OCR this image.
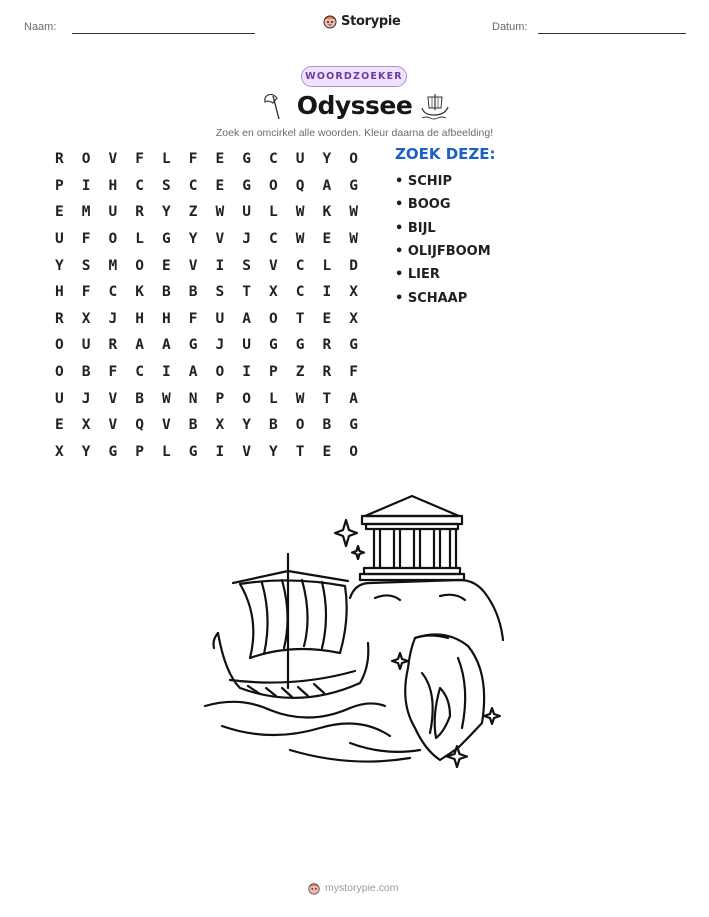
Naam:	Storypie	Datum:
WOORDZOEKER
Odyssee
Zoek en omcirkel alle woorden. Kleur daarna de afbeelding!
R	O	V	F	L	F	E	G	C	U	Y	O
P	I	H	C	S	C	E	G	O	Q	A	G
E	M	U	R	Y	Z	W	U	L	W	K	W
U	F	O	L	G	Y	V	J	C	W	E	W
Y	S	M	O	E	V	I	S	V	C	L	D
H	F	C	K	B	B	S	T	X	C	I	X
R	X	J	H	H	F	U	A	O	T	E	X
O	U	R	A	A	G	J	U	G	G	R	G
O	B	F	C	I	A	O	I	P	Z	R	F
U	J	V	B	W	N	P	O	L	W	T	A
E	X	V	Q	V	B	X	Y	B	O	B	G
X	Y	G	P	L	G	I	V	Y	T	E	O
ZOEK DEZE:
• SCHIP
• BOOG
• BIJL
• OLIJFBOOM
• LIER
• SCHAAP
mystorypie.com
